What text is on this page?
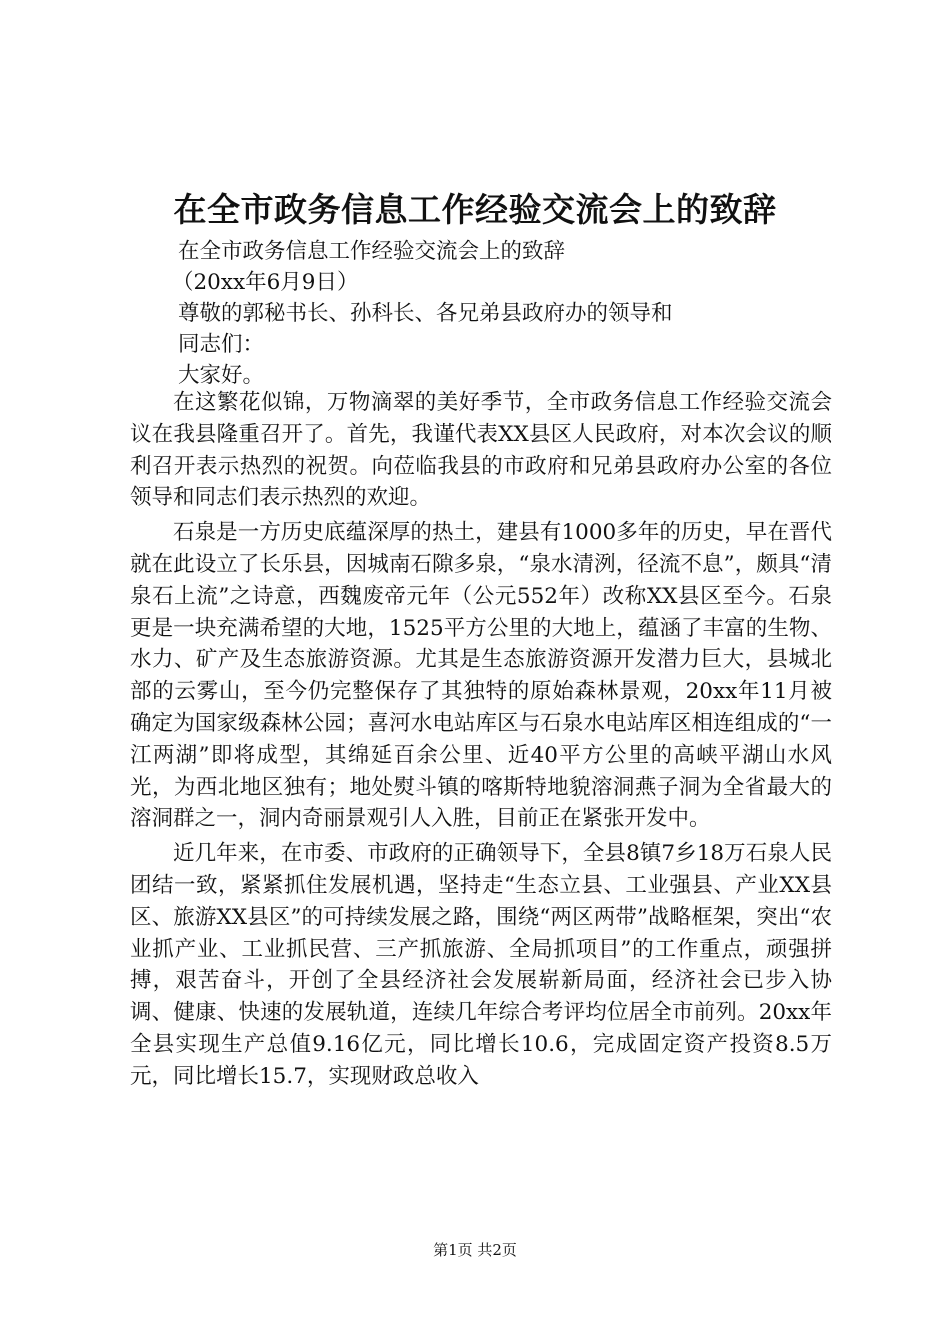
在全市政务信息工作经验交流会上的致辞
在全市政务信息工作经验交流会上的致辞
（20xx年6月9日）
尊敬的郭秘书长、孙科长、各兄弟县政府办的领导和
同志们：
大家好。

在这繁花似锦，万物滴翠的美好季节，全市政务信息工作经验交流会议在我县隆重召开了。首先，我谨代表XX县区人民政府，对本次会议的顺利召开表示热烈的祝贺。向莅临我县的市政府和兄弟县政府办公室的各位领导和同志们表示热烈的欢迎。

石泉是一方历史底蕴深厚的热土，建县有1000多年的历史，早在晋代就在此设立了长乐县，因城南石隙多泉，“泉水清洌，径流不息”，颇具“清泉石上流”之诗意，西魏废帝元年（公元552年）改称XX县区至今。石泉更是一块充满希望的大地，1525平方公里的大地上，蕴涵了丰富的生物、水力、矿产及生态旅游资源。尤其是生态旅游资源开发潜力巨大，县城北部的云雾山，至今仍完整保存了其独特的原始森林景观，20xx年11月被确定为国家级森林公园；喜河水电站库区与石泉水电站库区相连组成的“一江两湖”即将成型，其绵延百余公里、近40平方公里的高峡平湖山水风光，为西北地区独有；地处熨斗镇的喀斯特地貌溶洞燕子洞为全省最大的溶洞群之一，洞内奇丽景观引人入胜，目前正在紧张开发中。

近几年来，在市委、市政府的正确领导下，全县8镇7乡18万石泉人民团结一致，紧紧抓住发展机遇，坚持走“生态立县、工业强县、产业XX县区、旅游XX县区”的可持续发展之路，围绕“两区两带”战略框架，突出“农业抓产业、工业抓民营、三产抓旅游、全局抓项目”的工作重点，顽强拼搏，艰苦奋斗，开创了全县经济社会发展崭新局面，经济社会已步入协调、健康、快速的发展轨道，连续几年综合考评均位居全市前列。20xx年全县实现生产总值9.16亿元，同比增长10.6，完成固定资产投资8.5万元，同比增长15.7，实现财政总收入

第1页 共2页
